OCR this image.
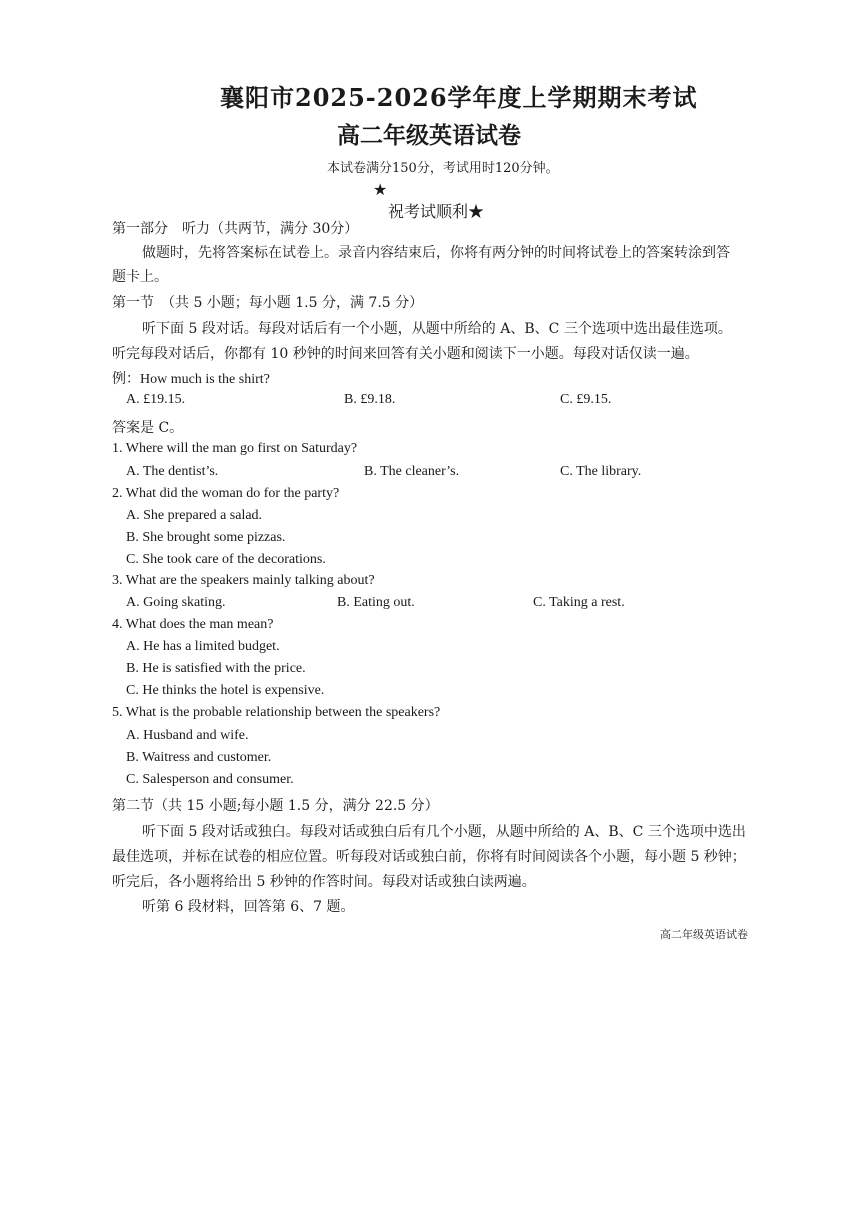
襄阳市2025-2026学年度上学期期末考试
高二年级英语试卷
本试卷满分150分，考试用时120分钟。
★
祝考试顺利★
第一部分　听力（共两节，满分 30分）
做题时，先将答案标在试卷上。录音内容结束后，你将有两分钟的时间将试卷上的答案转涂到答
题卡上。
第一节　（共 5 小题；每小题 1.5 分，满 7.5 分）
听下面 5 段对话。每段对话后有一个小题，从题中所给的 A、B、C 三个选项中选出最佳选项。
听完每段对话后，你都有 10 秒钟的时间来回答有关小题和阅读下一小题。每段对话仅读一遍。
例：How much is the shirt?
A. £19.15.	B. £9.18.	C. £9.15.
答案是 C。
1. Where will the man go first on Saturday?
A. The dentist’s.	B. The cleaner’s.	C. The library.
2. What did the woman do for the party?
A. She prepared a salad.
B. She brought some pizzas.
C. She took care of the decorations.
3. What are the speakers mainly talking about?
A. Going skating.	B. Eating out.	C. Taking a rest.
4. What does the man mean?
A. He has a limited budget.
B. He is satisfied with the price.
C. He thinks the hotel is expensive.
5. What is the probable relationship between the speakers?
A. Husband and wife.
B. Waitress and customer.
C. Salesperson and consumer.
第二节（共 15 小题;每小题 1.5 分，满分 22.5 分）
听下面 5 段对话或独白。每段对话或独白后有几个小题，从题中所给的 A、B、C 三个选项中选出
最佳选项，并标在试卷的相应位置。听每段对话或独白前，你将有时间阅读各个小题，每小题 5 秒钟；
听完后，各小题将给出 5 秒钟的作答时间。每段对话或独白读两遍。
听第 6 段材料，回答第 6、7 题。
高二年级英语试卷
